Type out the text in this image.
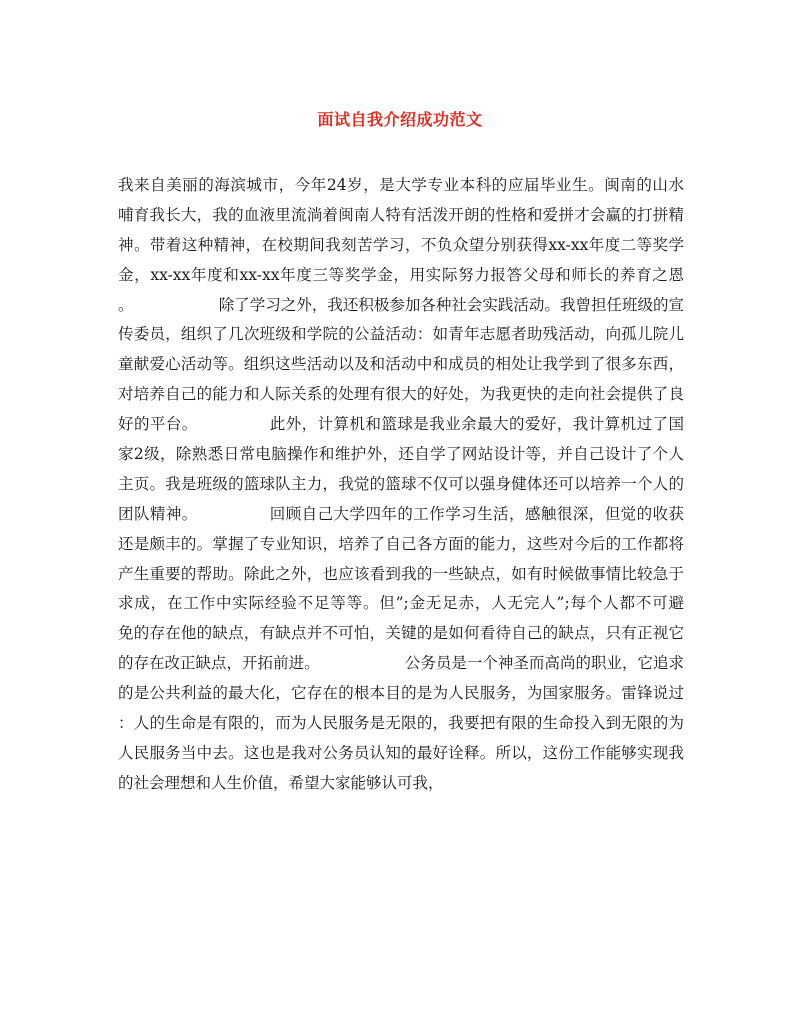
面试自我介绍成功范文
我来自美丽的海滨城市，今年24岁，是大学专业本科的应届毕业生。闽南的山水
哺育我长大，我的血液里流淌着闽南人特有活泼开朗的性格和爱拼才会赢的打拼精
神。带着这种精神，在校期间我刻苦学习，不负众望分别获得xx-xx年度二等奖学
金，xx-xx年度和xx-xx年度三等奖学金，用实际努力报答父母和师长的养育之恩
。　　　　　　除了学习之外，我还积极参加各种社会实践活动。我曾担任班级的宣
传委员，组织了几次班级和学院的公益活动：如青年志愿者助残活动，向孤儿院儿
童献爱心活动等。组织这些活动以及和活动中和成员的相处让我学到了很多东西，
对培养自己的能力和人际关系的处理有很大的好处，为我更快的走向社会提供了良
好的平台。　　　　　此外，计算机和篮球是我业余最大的爱好，我计算机过了国
家2级，除熟悉日常电脑操作和维护外，还自学了网站设计等，并自己设计了个人
主页。我是班级的篮球队主力，我觉的篮球不仅可以强身健体还可以培养一个人的
团队精神。　　　　　回顾自己大学四年的工作学习生活，感触很深，但觉的收获
还是颇丰的。掌握了专业知识，培养了自己各方面的能力，这些对今后的工作都将
产生重要的帮助。除此之外，也应该看到我的一些缺点，如有时候做事情比较急于
求成，在工作中实际经验不足等等。但”;金无足赤，人无完人”;每个人都不可避
免的存在他的缺点，有缺点并不可怕，关键的是如何看待自己的缺点，只有正视它
的存在改正缺点，开拓前进。　　　　　　公务员是一个神圣而高尚的职业，它追求
的是公共利益的最大化，它存在的根本目的是为人民服务，为国家服务。雷锋说过
：人的生命是有限的，而为人民服务是无限的，我要把有限的生命投入到无限的为
人民服务当中去。这也是我对公务员认知的最好诠释。所以，这份工作能够实现我
的社会理想和人生价值，希望大家能够认可我，
